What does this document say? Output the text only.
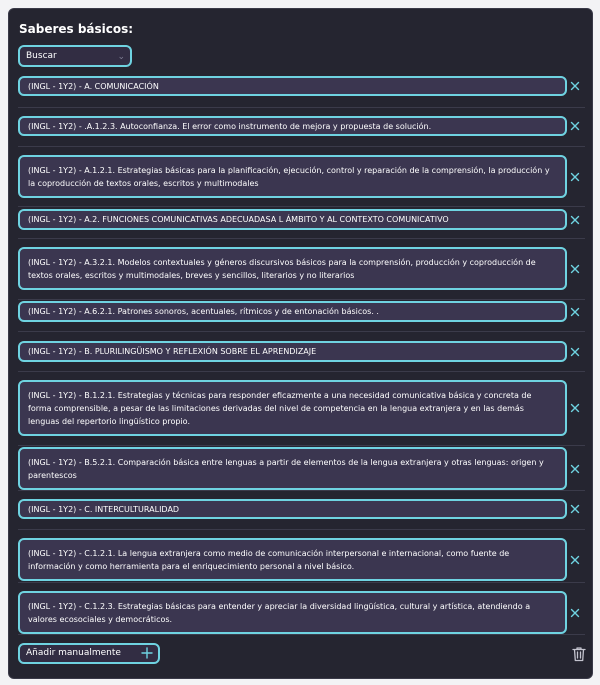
Saberes básicos:
Buscar	⌄
(INGL - 1Y2) - A. COMUNICACIÓN
(INGL - 1Y2) - .A.1.2.3. Autoconfianza. El error como instrumento de mejora y propuesta de solución.
(INGL - 1Y2) - A.1.2.1. Estrategias básicas para la planificación, ejecución, control y reparación de la comprensión, la producción y la coproducción de textos orales, escritos y multimodales
(INGL - 1Y2) - A.2. FUNCIONES COMUNICATIVAS ADECUADASA L ÁMBITO Y AL CONTEXTO COMUNICATIVO
(INGL - 1Y2) - A.3.2.1. Modelos contextuales y géneros discursivos básicos para la comprensión, producción y coproducción de textos orales, escritos y multimodales, breves y sencillos, literarios y no literarios
(INGL - 1Y2) - A.6.2.1. Patrones sonoros, acentuales, rítmicos y de entonación básicos. .
(INGL - 1Y2) - B. PLURILINGÜISMO Y REFLEXIÓN SOBRE EL APRENDIZAJE
(INGL - 1Y2) - B.1.2.1. Estrategias y técnicas para responder eficazmente a una necesidad comunicativa básica y concreta de forma comprensible, a pesar de las limitaciones derivadas del nivel de competencia en la lengua extranjera y en las demás lenguas del repertorio lingüístico propio.
(INGL - 1Y2) - B.5.2.1. Comparación básica entre lenguas a partir de elementos de la lengua extranjera y otras lenguas: origen y parentescos
(INGL - 1Y2) - C. INTERCULTURALIDAD
(INGL - 1Y2) - C.1.2.1. La lengua extranjera como medio de comunicación interpersonal e internacional, como fuente de información y como herramienta para el enriquecimiento personal a nivel básico.
(INGL - 1Y2) - C.1.2.3. Estrategias básicas para entender y apreciar la diversidad lingüística, cultural y artística, atendiendo a valores ecosociales y democráticos.
Añadir manualmente
